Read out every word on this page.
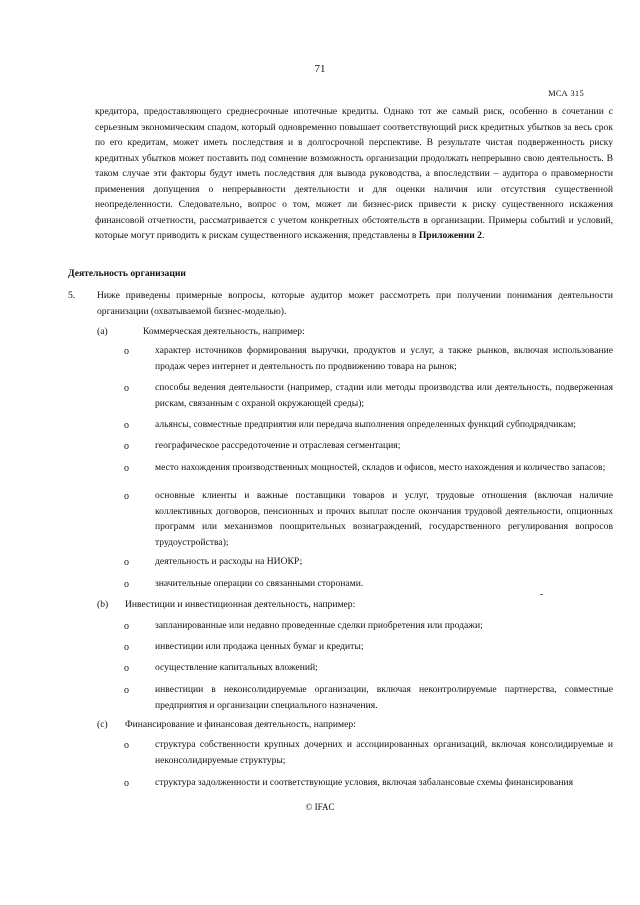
71
МСА 315

кредитора, предоставляющего среднесрочные ипотечные кредиты. Однако тот же самый риск, особенно в сочетании с серьезным экономическим спадом, который одновременно повышает соответствующий риск кредитных убытков за весь срок по его кредитам, может иметь последствия и в долгосрочной перспективе. В результате чистая подверженность риску кредитных убытков может поставить под сомнение возможность организации продолжать непрерывно свою деятельность. В таком случае эти факторы будут иметь последствия для вывода руководства, а впоследствии – аудитора о правомерности применения допущения о непрерывности деятельности и для оценки наличия или отсутствия существенной неопределенности. Следовательно, вопрос о том, может ли бизнес-риск привести к риску существенного искажения финансовой отчетности, рассматривается с учетом конкретных обстоятельств в организации. Примеры событий и условий, которые могут приводить к рискам существенного искажения, представлены в Приложении 2.

Деятельность организации
5. Ниже приведены примерные вопросы, которые аудитор может рассмотреть при получении понимания деятельности организации (охватываемой бизнес-моделью).
(a)	Коммерческая деятельность, например:
o	характер источников формирования выручки, продуктов и услуг, а также рынков, включая использование продаж через интернет и деятельность по продвижению товара на рынок;
o	способы ведения деятельности (например, стадии или методы производства или деятельность, подверженная рискам, связанным с охраной окружающей среды);
o	альянсы, совместные предприятия или передача выполнения определенных функций субподрядчикам;
o	географическое рассредоточение и отраслевая сегментация;
o	место нахождения производственных мощностей, складов и офисов, место нахождения и количество запасов;
o	основные клиенты и важные поставщики товаров и услуг, трудовые отношения (включая наличие коллективных договоров, пенсионных и прочих выплат после окончания трудовой деятельности, опционных программ или механизмов поощрительных вознаграждений, государственного регулирования вопросов трудоустройства);
o	деятельность и расходы на НИОКР;
o	значительные операции со связанными сторонами.
(b) Инвестиции и инвестиционная деятельность, например:
o	запланированные или недавно проведенные сделки приобретения или продажи;
o	инвестиции или продажа ценных бумаг и кредиты;
o	осуществление капитальных вложений;
o	инвестиции в неконсолидируемые организации, включая неконтролируемые партнерства, совместные предприятия и организации специального назначения.
(c) Финансирование и финансовая деятельность, например:
o	структура собственности крупных дочерних и ассоциированных организаций, включая консолидируемые и неконсолидируемые структуры;
o	структура задолженности и соответствующие условия, включая забалансовые схемы финансирования
© IFAC
